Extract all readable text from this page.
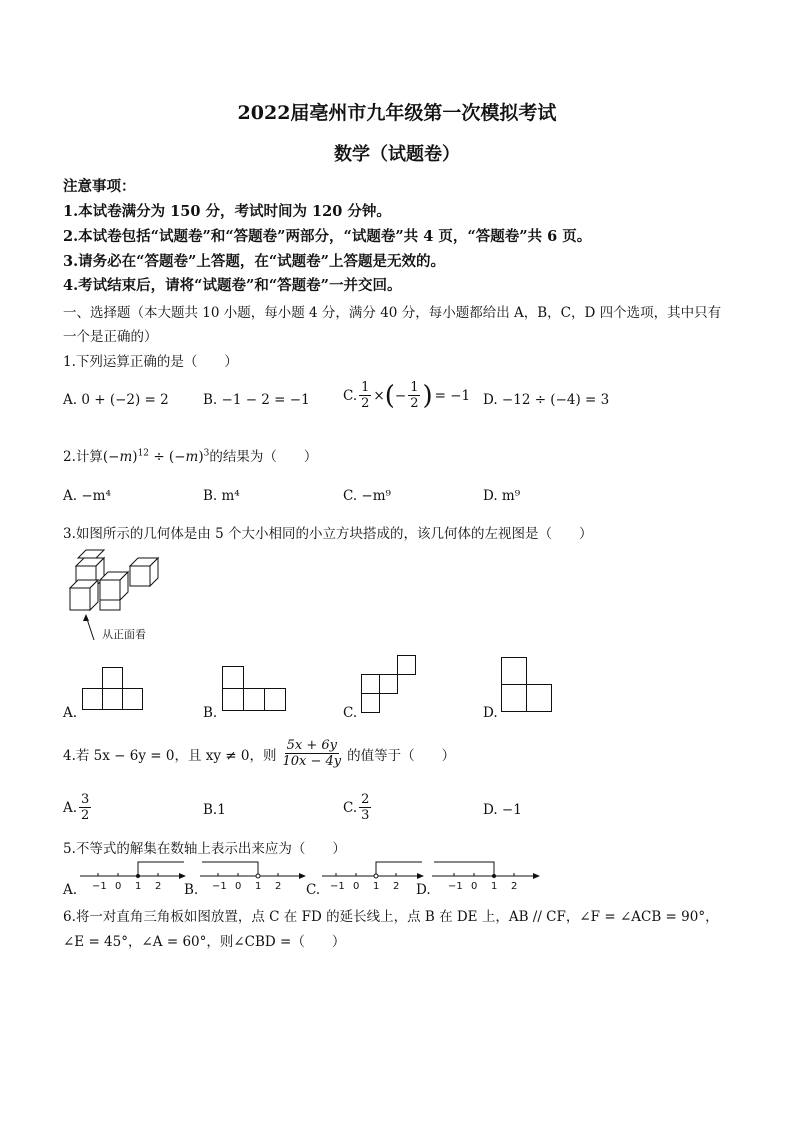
2022届亳州市九年级第一次模拟考试
数学（试题卷）
注意事项：
1.本试卷满分为 150 分，考试时间为 120 分钟。
2.本试卷包括“试题卷”和“答题卷”两部分，“试题卷”共 4 页，“答题卷”共 6 页。
3.请务必在“答题卷”上答题，在“试题卷”上答题是无效的。
4.考试结束后，请将“试题卷”和“答题卷”一并交回。
一、选择题（本大题共 10 小题，每小题 4 分，满分 40 分，每小题都给出 A，B，C，D 四个选项，其中只有
一个是正确的）
1.下列运算正确的是（　　）
A. 0 + (−2) = 2	B. −1 − 2 = −1 C. $\frac{1}{2}$ × ( − $\frac{1}{2}$ ) = −1 D. −12 ÷ (−4) = 3
2.计算$(-m)^{12} \div (-m)^3$的结果为（　　）
A. −m⁴	B. m⁴	C. −m⁹	D. m⁹
3.如图所示的几何体是由 5 个大小相同的小立方块搭成的，该几何体的左视图是（　　）
从正面看
A.	B.	C.	D.
4.若 5x − 6y = 0，且 xy ≠ 0，则 $\frac{5x + 6y}{10x - 4y}$ 的值等于（　　）
A. $\frac{3}{2}$	B.1	C. $\frac{2}{3}$	D. −1
5.不等式的解集在数轴上表示出来应为（　　）
A. −1 0 1 2 B. −1 0 1 2 C. −1 0 1 2 D. −1 0 1 2
6.将一对直角三角板如图放置，点 C 在 FD 的延长线上，点 B 在 DE 上，AB // CF，∠F = ∠ACB = 90°，
∠E = 45°，∠A = 60°，则∠CBD =（　　）
